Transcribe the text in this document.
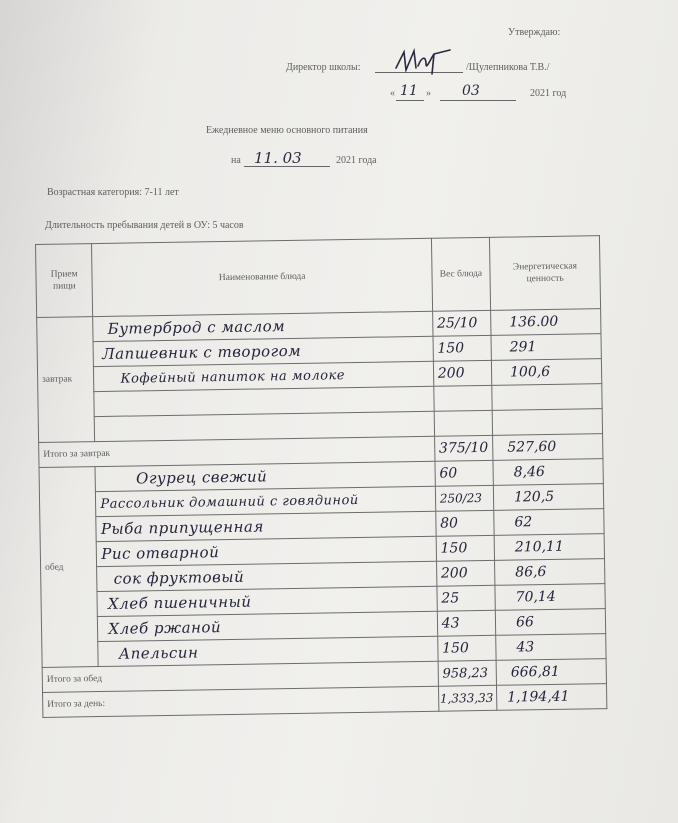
Утверждаю:
Директор школы:	/Щулепникова Т.В./
« 11 » 03	2021 год
Ежедневное меню основного питания
на 11. 03	2021 года
Возрастная категория: 7-11 лет
Длительность пребывания детей в ОУ: 5 часов
Прием пищи	Наименование блюда	Вес блюда	Энергетическая ценность
завтрак	Бутерброд с маслом	25/10	136.00
	Лапшевник с творогом	150	291
	Кофейный напиток на молоке	200	100,6

Итого за завтрак		375/10	527,60
обед	Огурец свежий	60	8,46
	Рассольник домашний с говядиной	250/23	120,5
	Рыба припущенная	80	62
	Рис отварной	150	210,11
	сок фруктовый	200	86,6
	Хлеб пшеничный	25	70,14
	Хлеб ржаной	43	66
	Апельсин	150	43
Итого за обед		958,23	666,81
Итого за день:		1,333,33	1,194,41
